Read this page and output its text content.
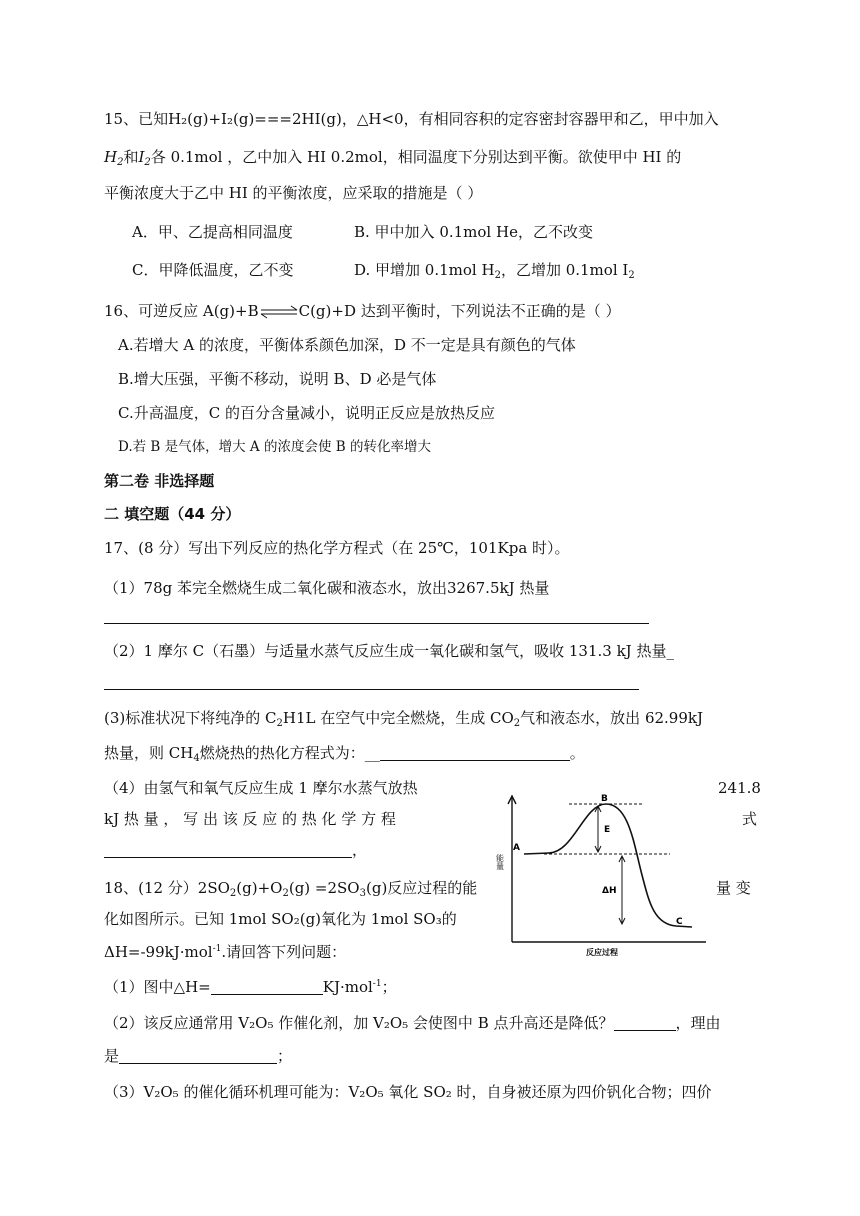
15、已知H₂(g)+I₂(g)===2HI(g)，△H<0，有相同容积的定容密封容器甲和乙，甲中加入
$H_2$和$I_2$各 0.1mol ，乙中加入 HI 0.2mol，相同温度下分别达到平衡。欲使甲中 HI 的
平衡浓度大于乙中 HI 的平衡浓度，应采取的措施是（ ）
A．甲、乙提高相同温度	B. 甲中加入 0.1mol He，乙不改变
C．甲降低温度，乙不变	D. 甲增加 0.1mol $H_2$，乙增加 0.1mol $I_2$
16、可逆反应 A(g)+B⇌C(g)+D 达到平衡时，下列说法不正确的是（ ）
A.若增大 A 的浓度，平衡体系颜色加深，D 不一定是具有颜色的气体
B.增大压强，平衡不移动，说明 B、D 必是气体
C.升高温度，C 的百分含量减小，说明正反应是放热反应
D.若 B 是气体，增大 A 的浓度会使 B 的转化率增大
第二卷 非选择题
二 填空题（44 分）
17、(8 分）写出下列反应的热化学方程式（在 25℃，101Kpa 时）。
（1）78g 苯完全燃烧生成二氧化碳和液态水，放出3267.5kJ 热量
（2）1 摩尔 C（石墨）与适量水蒸气反应生成一氧化碳和氢气，吸收 131.3 kJ 热量_
(3)标准状况下将纯净的 $C_2H1L$ 在空气中完全燃烧，生成 $CO_2$气和液态水，放出 62.99kJ
热量，则 $CH_4$燃烧热的热化方程式为：__	。
（4）由氢气和氧气反应生成 1 摩尔水蒸气放热	241.8
kJ 热 量 ， 写 出 该 反 应 的 热 化 学 方 程	式
，
18、(12 分）$2SO_2(g)+O_2(g) =2SO_3(g)$反应过程的能	量 变
化如图所示。已知 1mol SO₂(g)氧化为 1mol SO₃的
ΔH=-99kJ·mol$^{-1}$.请回答下列问题：
（1）图中△H=	KJ·mol$^{-1}$；
（2）该反应通常用 V₂O₅ 作催化剂，加 V₂O₅ 会使图中 B 点升高还是降低？	，理由
是	；
（3）V₂O₅ 的催化循环机理可能为：V₂O₅ 氧化 SO₂ 时，自身被还原为四价钒化合物；四价
A
B
C
E
ΔH
能量
反应过程
